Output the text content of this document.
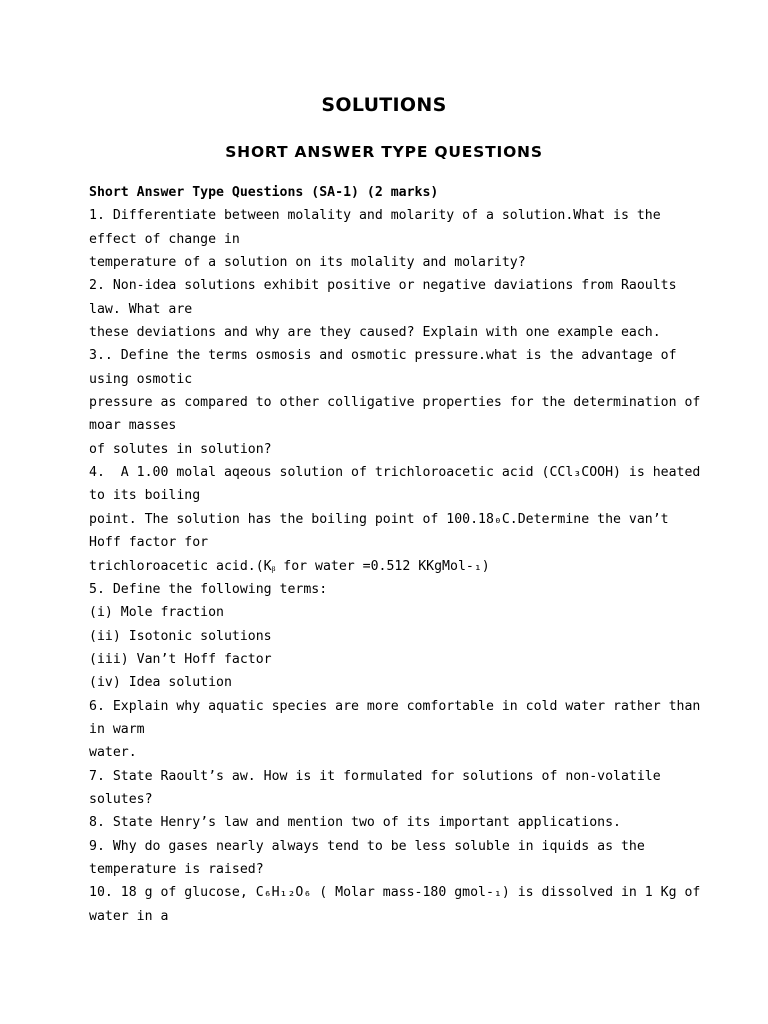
SOLUTIONS
SHORT ANSWER TYPE QUESTIONS
Short Answer Type Questions (SA-1) (2 marks)
1. Differentiate between molality and molarity of a solution.What is the
effect of change in
temperature of a solution on its molality and molarity?
2. Non-idea solutions exhibit positive or negative daviations from Raoults
law. What are
these deviations and why are they caused? Explain with one example each.
3.. Define the terms osmosis and osmotic pressure.what is the advantage of
using osmotic
pressure as compared to other colligative properties for the determination of
moar masses
of solutes in solution?
4.  A 1.00 molal aqeous solution of trichloroacetic acid (CCl₃COOH) is heated
to its boiling
point. The solution has the boiling point of 100.18₀C.Determine the van’t
Hoff factor for
trichloroacetic acid.(Kᵦ for water =0.512 KKgMol-₁)
5. Define the following terms:
(i) Mole fraction
(ii) Isotonic solutions
(iii) Van’t Hoff factor
(iv) Idea solution
6. Explain why aquatic species are more comfortable in cold water rather than
in warm
water.
7. State Raoult’s aw. How is it formulated for solutions of non-volatile
solutes?
8. State Henry’s law and mention two of its important applications.
9. Why do gases nearly always tend to be less soluble in iquids as the
temperature is raised?
10. 18 g of glucose, C₆H₁₂O₆ ( Molar mass-180 gmol-₁) is dissolved in 1 Kg of
water in a
